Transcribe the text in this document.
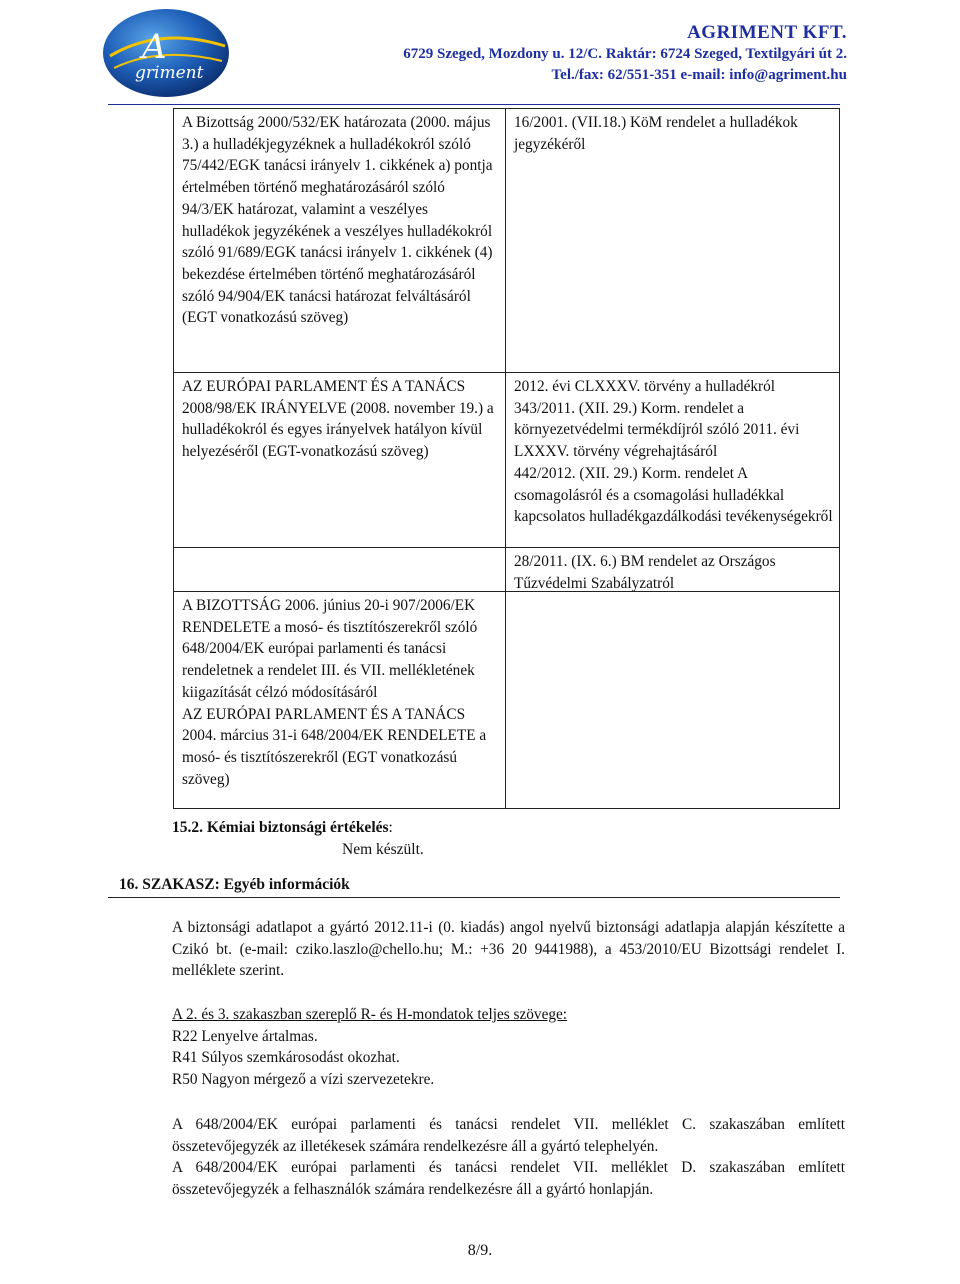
A
griment
AGRIMENT KFT.
6729 Szeged, Mozdony u. 12/C. Raktár: 6724 Szeged, Textilgyári út 2.
Tel./fax: 62/551-351 e-mail: info@agriment.hu
A Bizottság 2000/532/EK határozata (2000. május 3.) a hulladékjegyzéknek a hulladékokról szóló 75/442/EGK tanácsi irányelv 1. cikkének a) pontja értelmében történő meghatározásáról szóló 94/3/EK határozat, valamint a veszélyes hulladékok jegyzékének a veszélyes hulladékokról szóló 91/689/EGK tanácsi irányelv 1. cikkének (4) bekezdése értelmében történő meghatározásáról szóló 94/904/EK tanácsi határozat felváltásáról (EGT vonatkozású szöveg)
16/2001. (VII.18.) KöM rendelet a hulladékok jegyzékéről
AZ EURÓPAI PARLAMENT ÉS A TANÁCS 2008/98/EK IRÁNYELVE (2008. november 19.) a hulladékokról és egyes irányelvek hatályon kívül helyezéséről (EGT-vonatkozású szöveg)
2012. évi CLXXXV. törvény a hulladékról
343/2011. (XII. 29.) Korm. rendelet a környezetvédelmi termékdíjról szóló 2011. évi LXXXV. törvény végrehajtásáról
442/2012. (XII. 29.) Korm. rendelet A csomagolásról és a csomagolási hulladékkal kapcsolatos hulladékgazdálkodási tevékenységekről
28/2011. (IX. 6.) BM rendelet az Országos Tűzvédelmi Szabályzatról
A BIZOTTSÁG 2006. június 20-i 907/2006/EK RENDELETE a mosó- és tisztítószerekről szóló 648/2004/EK európai parlamenti és tanácsi rendeletnek a rendelet III. és VII. mellékletének kiigazítását célzó módosításáról
AZ EURÓPAI PARLAMENT ÉS A TANÁCS 2004. március 31-i 648/2004/EK RENDELETE a mosó- és tisztítószerekről (EGT vonatkozású szöveg)
15.2. Kémiai biztonsági értékelés:
Nem készült.
16. SZAKASZ: Egyéb információk
A biztonsági adatlapot a gyártó 2012.11-i (0. kiadás) angol nyelvű biztonsági adatlapja alapján készítette a Czikó bt. (e-mail: cziko.laszlo@chello.hu; M.: +36 20 9441988), a 453/2010/EU Bizottsági rendelet I. melléklete szerint.
A 2. és 3. szakaszban szereplő R- és H-mondatok teljes szövege:
R22 Lenyelve ártalmas.
R41 Súlyos szemkárosodást okozhat.
R50 Nagyon mérgező a vízi szervezetekre.
A 648/2004/EK európai parlamenti és tanácsi rendelet VII. melléklet C. szakaszában említett összetevőjegyzék az illetékesek számára rendelkezésre áll a gyártó telephelyén.
A 648/2004/EK európai parlamenti és tanácsi rendelet VII. melléklet D. szakaszában említett összetevőjegyzék a felhasználók számára rendelkezésre áll a gyártó honlapján.
8/9.
